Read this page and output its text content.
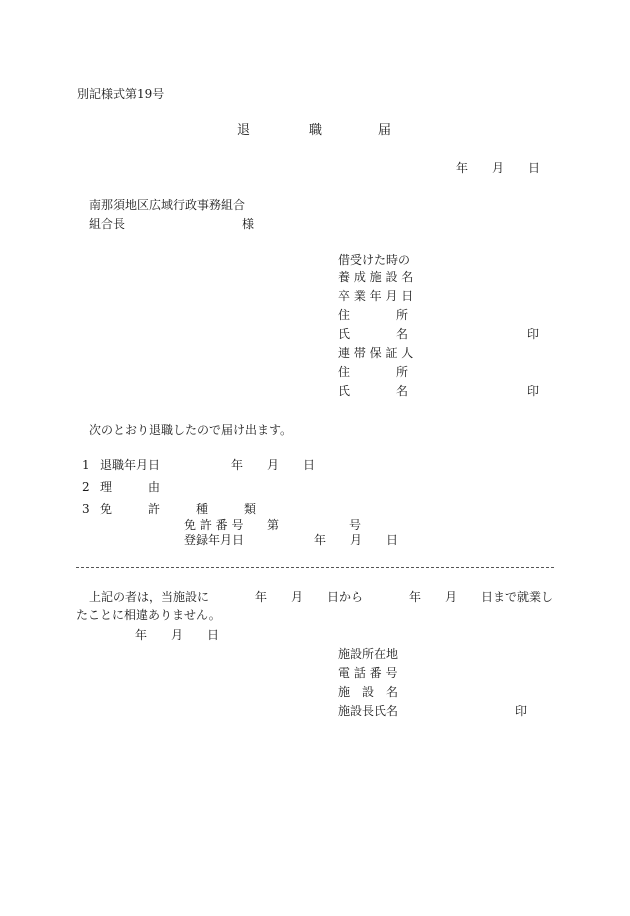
別記様式第19号
退	職	届
年 月 日
南那須地区広域行政事務組合
組合長	様
借受けた時の
養 成 施 設 名
卒 業 年 月 日
住	所
氏	名	印
連 帯 保 証 人
住	所
氏	名	印
次のとおり退職したので届け出ます。
1 退職年月日	年 月 日
2 理	由
3 免	許	種	類
免 許 番 号 第	号
登録年月日	年 月 日
上記の者は，当施設に	年 月 日から	年 月 日まで就業し
たことに相違ありません。
年 月 日
施設所在地
電 話 番 号
施　設　名
施設長氏名	印
